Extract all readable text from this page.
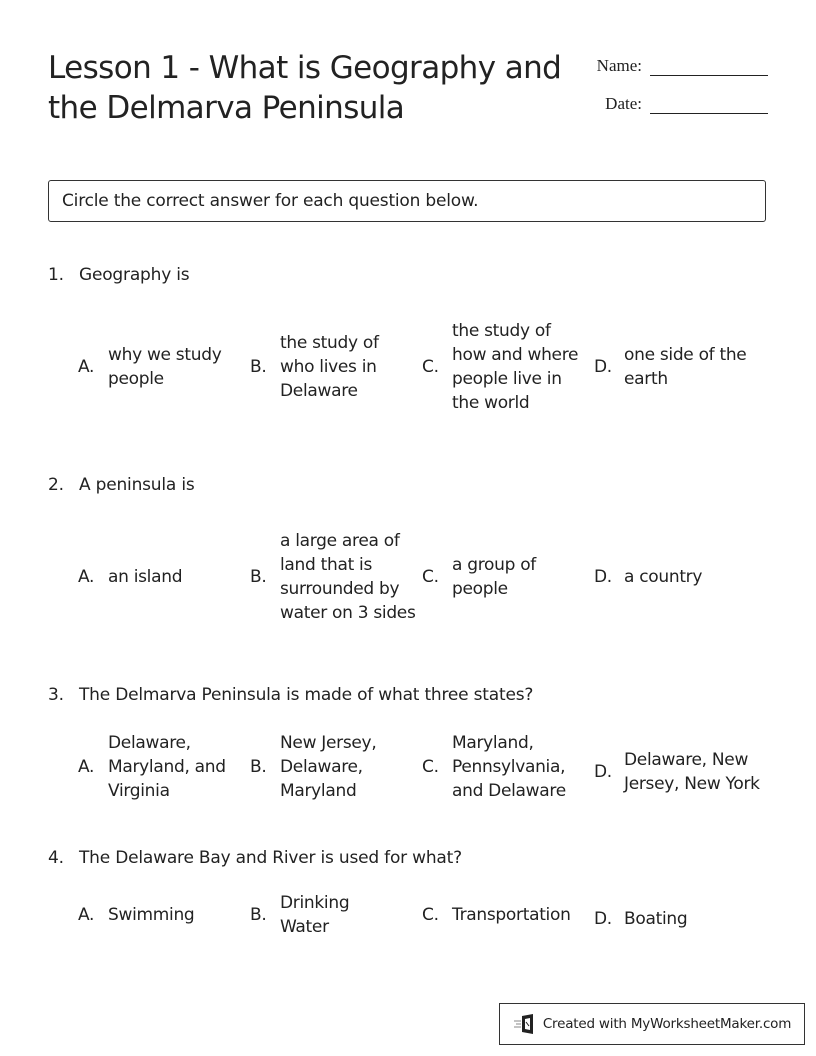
Lesson 1 - What is Geography and the Delmarva Peninsula
Name:
Date:
Circle the correct answer for each question below.
1. Geography is
A.
why we study people
B.
the study of who lives in Delaware
C.
the study of how and where people live in the world
D.
one side of the earth
2. A peninsula is
A. an island	B.
a large area of land that is surrounded by water on 3 sides
C.
a group of people
D. a country
3. The Delmarva Peninsula is made of what three states?
A.
Delaware, Maryland, and Virginia
B.
New Jersey, Delaware, Maryland
C.
Maryland, Pennsylvania, and Delaware
D.
Delaware, New Jersey, New York
4. The Delaware Bay and River is used for what?
A. Swimming	B.
Drinking Water
C. Transportation	D. Boating
Created with MyWorksheetMaker.com
